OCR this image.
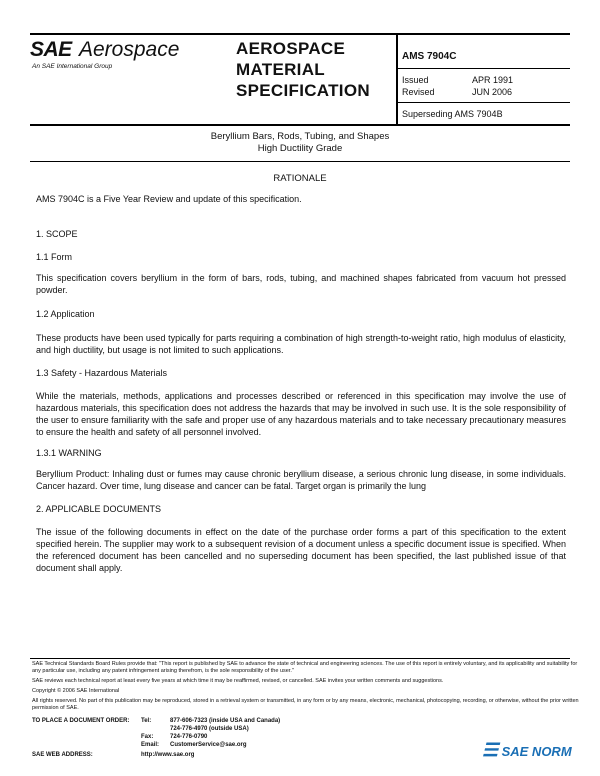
SAE Aerospace
An SAE International Group
AEROSPACE
MATERIAL
SPECIFICATION
AMS 7904C
Issued	APR 1991
Revised	JUN 2006
Superseding AMS 7904B
Beryllium Bars, Rods, Tubing, and Shapes
High Ductility Grade
RATIONALE
AMS 7904C is a Five Year Review and update of this specification.
1. SCOPE
1.1 Form
This specification covers beryllium in the form of bars, rods, tubing, and machined shapes fabricated from vacuum hot pressed powder.
1.2 Application
These products have been used typically for parts requiring a combination of high strength-to-weight ratio, high modulus of elasticity, and high ductility, but usage is not limited to such applications.
1.3 Safety - Hazardous Materials
While the materials, methods, applications and processes described or referenced in this specification may involve the use of hazardous materials, this specification does not address the hazards that may be involved in such use. It is the sole responsibility of the user to ensure familiarity with the safe and proper use of any hazardous materials and to take necessary precautionary measures to ensure the health and safety of all personnel involved.
1.3.1 WARNING
Beryllium Product: Inhaling dust or fumes may cause chronic beryllium disease, a serious chronic lung disease, in some individuals. Cancer hazard. Over time, lung disease and cancer can be fatal. Target organ is primarily the lung
2. APPLICABLE DOCUMENTS
The issue of the following documents in effect on the date of the purchase order forms a part of this specification to the extent specified herein. The supplier may work to a subsequent revision of a document unless a specific document issue is specified. When the referenced document has been cancelled and no superseding document has been specified, the last published issue of that document shall apply.
SAE Technical Standards Board Rules provide that: "This report is published by SAE to advance the state of technical and engineering sciences. The use of this report is entirely voluntary, and its applicability and suitability for any particular use, including any patent infringement arising therefrom, is the sole responsibility of the user."
SAE reviews each technical report at least every five years at which time it may be reaffirmed, revised, or cancelled. SAE invites your written comments and suggestions.
Copyright © 2006 SAE International
All rights reserved. No part of this publication may be reproduced, stored in a retrieval system or transmitted, in any form or by any means, electronic, mechanical, photocopying, recording, or otherwise, without the prior written permission of SAE.
TO PLACE A DOCUMENT ORDER: Tel:	877-606-7323 (inside USA and Canada)
724-776-4970 (outside USA)
Fax:	724-776-0790
Email: CustomerService@sae.org
SAE WEB ADDRESS:	http://www.sae.org	☰ SAE NORM
